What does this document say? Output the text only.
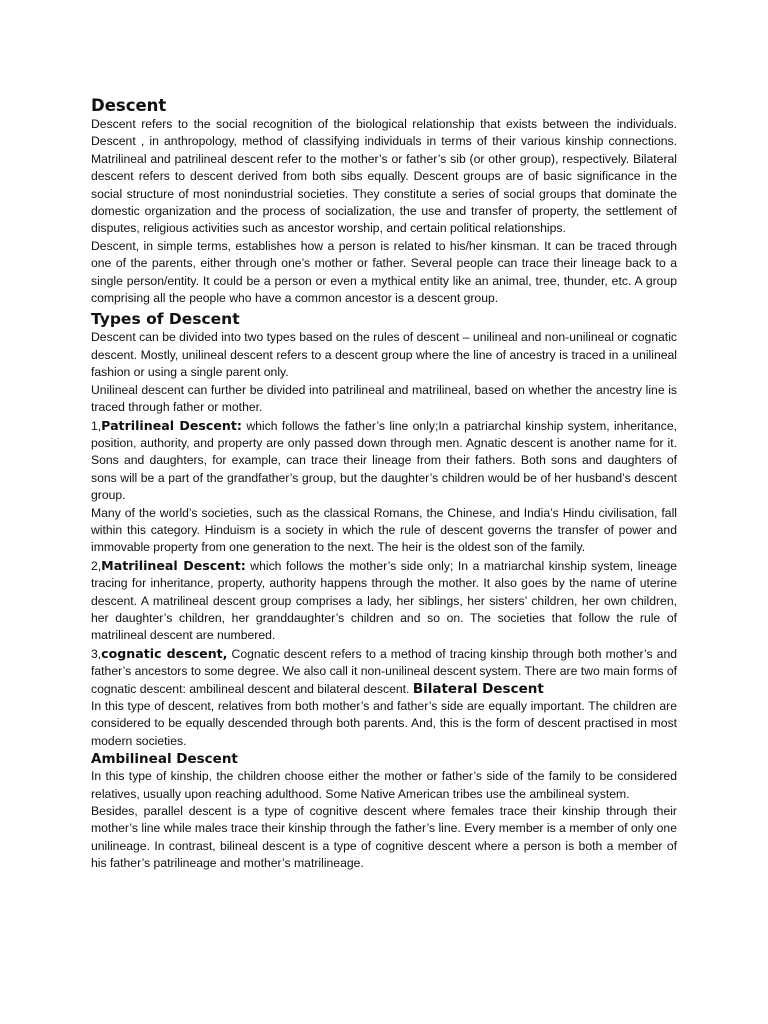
Descent

Descent refers to the social recognition of the biological relationship that exists between the individuals. Descent , in anthropology, method of classifying individuals in terms of their various kinship connections. Matrilineal and patrilineal descent refer to the mother’s or father’s sib (or other group), respectively. Bilateral descent refers to descent derived from both sibs equally. Descent groups are of basic significance in the social structure of most nonindustrial societies. They constitute a series of social groups that dominate the domestic organization and the process of socialization, the use and transfer of property, the settlement of disputes, religious activities such as ancestor worship, and certain political relationships.

Descent, in simple terms, establishes how a person is related to his/her kinsman. It can be traced through one of the parents, either through one’s mother or father. Several people can trace their lineage back to a single person/entity. It could be a person or even a mythical entity like an animal, tree, thunder, etc. A group comprising all the people who have a common ancestor is a descent group.

Types of Descent

Descent can be divided into two types based on the rules of descent – unilineal and non-unilineal or cognatic descent. Mostly, unilineal descent refers to a descent group where the line of ancestry is traced in a unilineal fashion or using a single parent only.

Unilineal descent can further be divided into patrilineal and matrilineal, based on whether the ancestry line is traced through father or mother.

1,Patrilineal Descent: which follows the father’s line only;In a patriarchal kinship system, inheritance, position, authority, and property are only passed down through men. Agnatic descent is another name for it. Sons and daughters, for example, can trace their lineage from their fathers. Both sons and daughters of sons will be a part of the grandfather’s group, but the daughter’s children would be of her husband’s descent group.

Many of the world’s societies, such as the classical Romans, the Chinese, and India’s Hindu civilisation, fall within this category. Hinduism is a society in which the rule of descent governs the transfer of power and immovable property from one generation to the next. The heir is the oldest son of the family.

2,Matrilineal Descent: which follows the mother’s side only; In a matriarchal kinship system, lineage tracing for inheritance, property, authority happens through the mother. It also goes by the name of uterine descent. A matrilineal descent group comprises a lady, her siblings, her sisters’ children, her own children, her daughter’s children, her granddaughter’s children and so on. The societies that follow the rule of matrilineal descent are numbered.

3,cognatic descent, Cognatic descent refers to a method of tracing kinship through both mother’s and father’s ancestors to some degree. We also call it non-unilineal descent system. There are two main forms of cognatic descent: ambilineal descent and bilateral descent. Bilateral Descent

In this type of descent, relatives from both mother’s and father’s side are equally important. The children are considered to be equally descended through both parents. And, this is the form of descent practised in most modern societies.

Ambilineal Descent

In this type of kinship, the children choose either the mother or father’s side of the family to be considered relatives, usually upon reaching adulthood. Some Native American tribes use the ambilineal system.

Besides, parallel descent is a type of cognitive descent where females trace their kinship through their mother’s line while males trace their kinship through the father’s line. Every member is a member of only one unilineage. In contrast, bilineal descent is a type of cognitive descent where a person is both a member of his father’s patrilineage and mother’s matrilineage.
